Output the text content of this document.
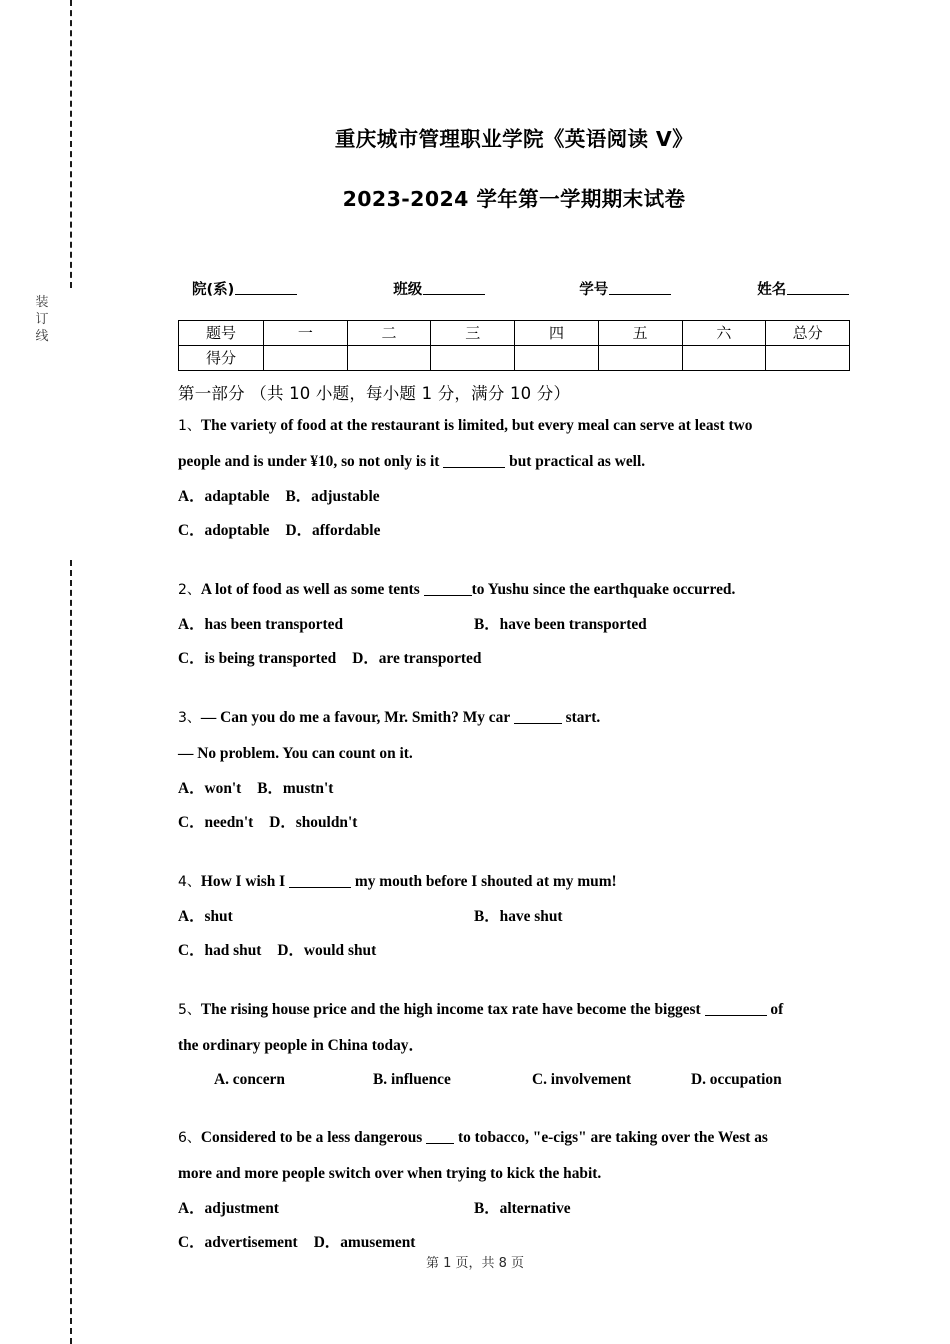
装
订
线
重庆城市管理职业学院《英语阅读 V》
2023-2024 学年第一学期期末试卷
院(系)	班级	学号	姓名
题号	一	二	三	四	五	六	总分
得分							
第一部分 （共 10 小题，每小题 1 分，满分 10 分）
1、The variety of food at the restaurant is limited, but every meal can serve at least two
people and is under ¥10, so not only is it	but practical as well.
A．adaptable B．adjustable
C．adoptable D．affordable
2、A lot of food as well as some tents	to Yushu since the earthquake occurred.
A．has been transported	B．have been transported
C．is being transported D．are transported
3、— Can you do me a favour, Mr. Smith? My car	start.
— No problem. You can count on it.
A．won't B．mustn't
C．needn't D．shouldn't
4、How I wish I	my mouth before I shouted at my mum!
A．shut	B．have shut
C．had shut D．would shut
5、The rising house price and the high income tax rate have become the biggest	of
the ordinary people in China today．
A. concern	B. influence	C. involvement	D. occupation
6、Considered to be a less dangerous to tobacco, "e-cigs" are taking over the West as
more and more people switch over when trying to kick the habit.
A．adjustment	B．alternative
C．advertisement D．amusement
第 1 页，共 8 页
